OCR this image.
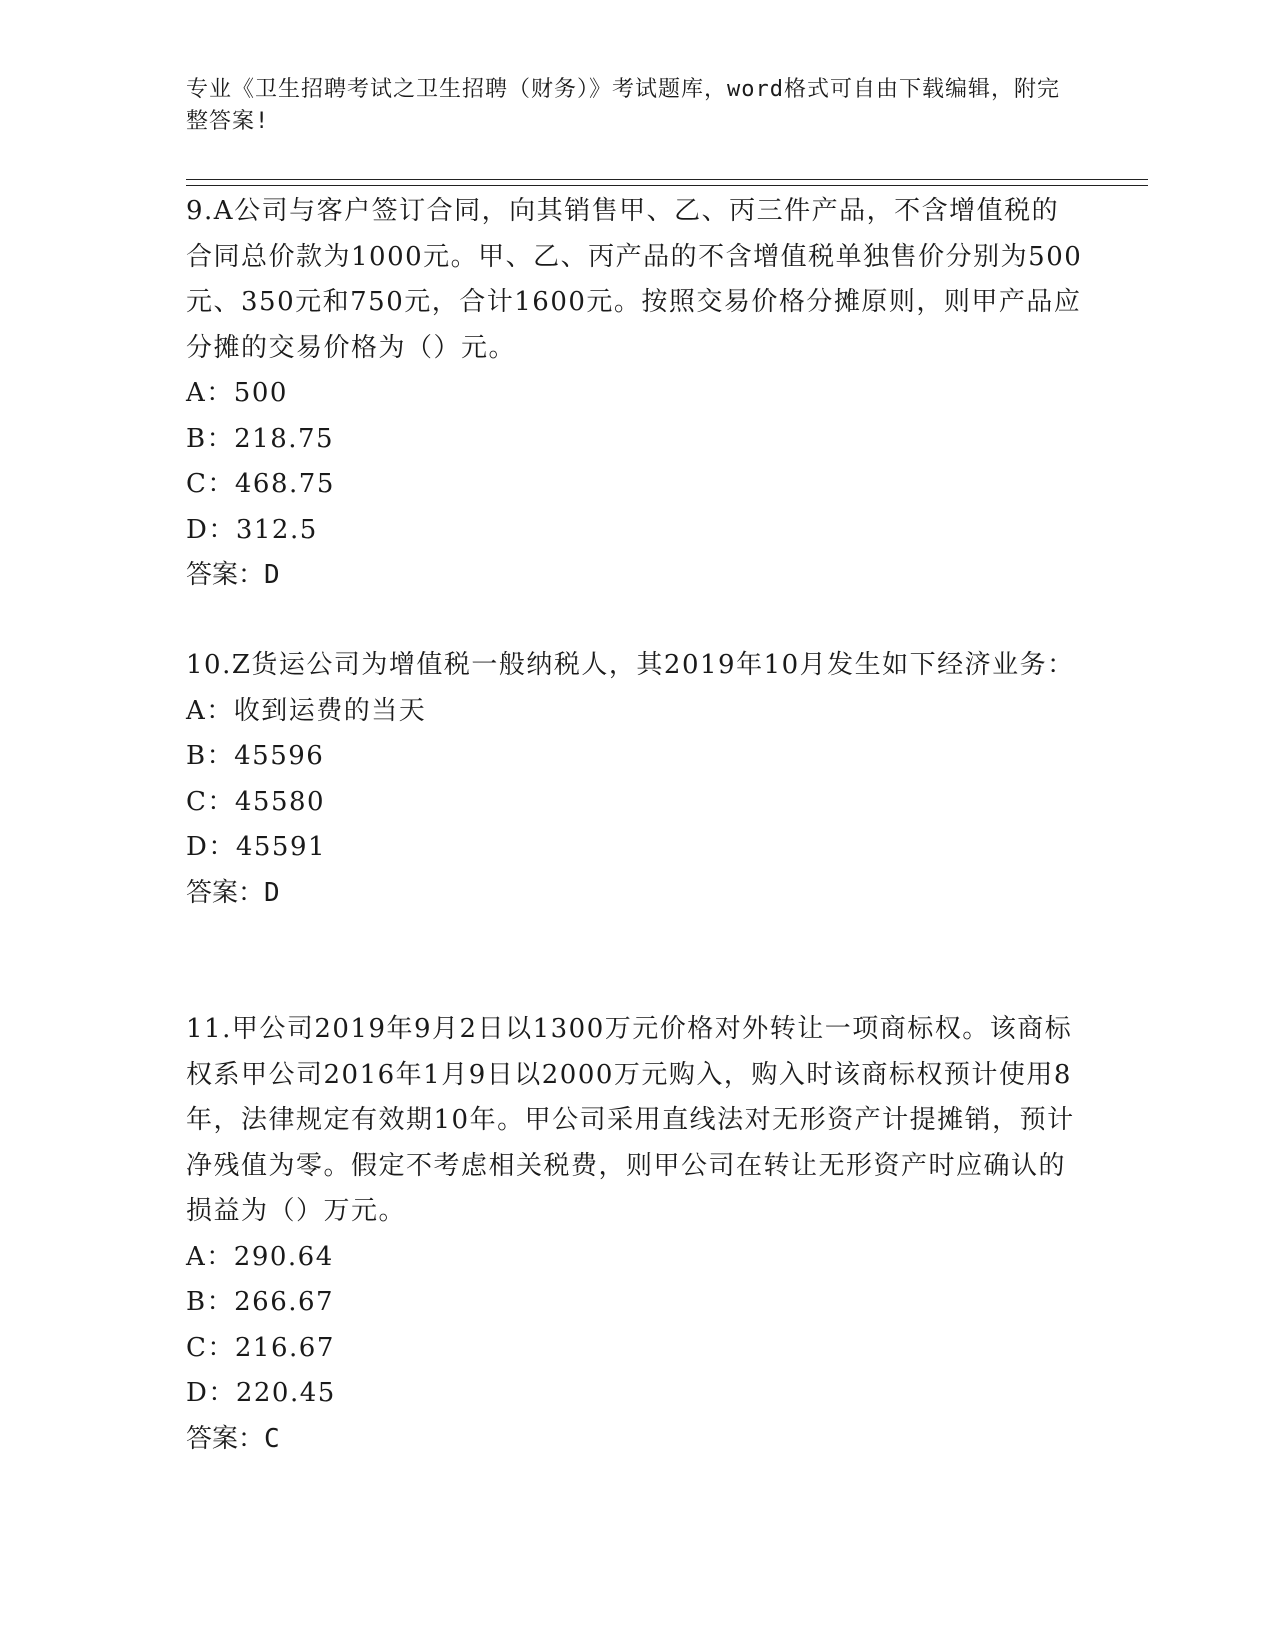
专业《卫生招聘考试之卫生招聘（财务）》考试题库，word格式可自由下载编辑，附完整答案!

9.A公司与客户签订合同，向其销售甲、乙、丙三件产品，不含增值税的合同总价款为1000元。甲、乙、丙产品的不含增值税单独售价分别为500元、350元和750元，合计1600元。按照交易价格分摊原则，则甲产品应分摊的交易价格为（）元。

A：500

B：218.75

C：468.75

D：312.5

答案：D

10.Z货运公司为增值税一般纳税人，其2019年10月发生如下经济业务：

A：收到运费的当天

B：45596

C：45580

D：45591

答案：D

11.甲公司2019年9月2日以1300万元价格对外转让一项商标权。该商标权系甲公司2016年1月9日以2000万元购入，购入时该商标权预计使用8年，法律规定有效期10年。甲公司采用直线法对无形资产计提摊销，预计净残值为零。假定不考虑相关税费，则甲公司在转让无形资产时应确认的损益为（）万元。

A：290.64

B：266.67

C：216.67

D：220.45

答案：C
